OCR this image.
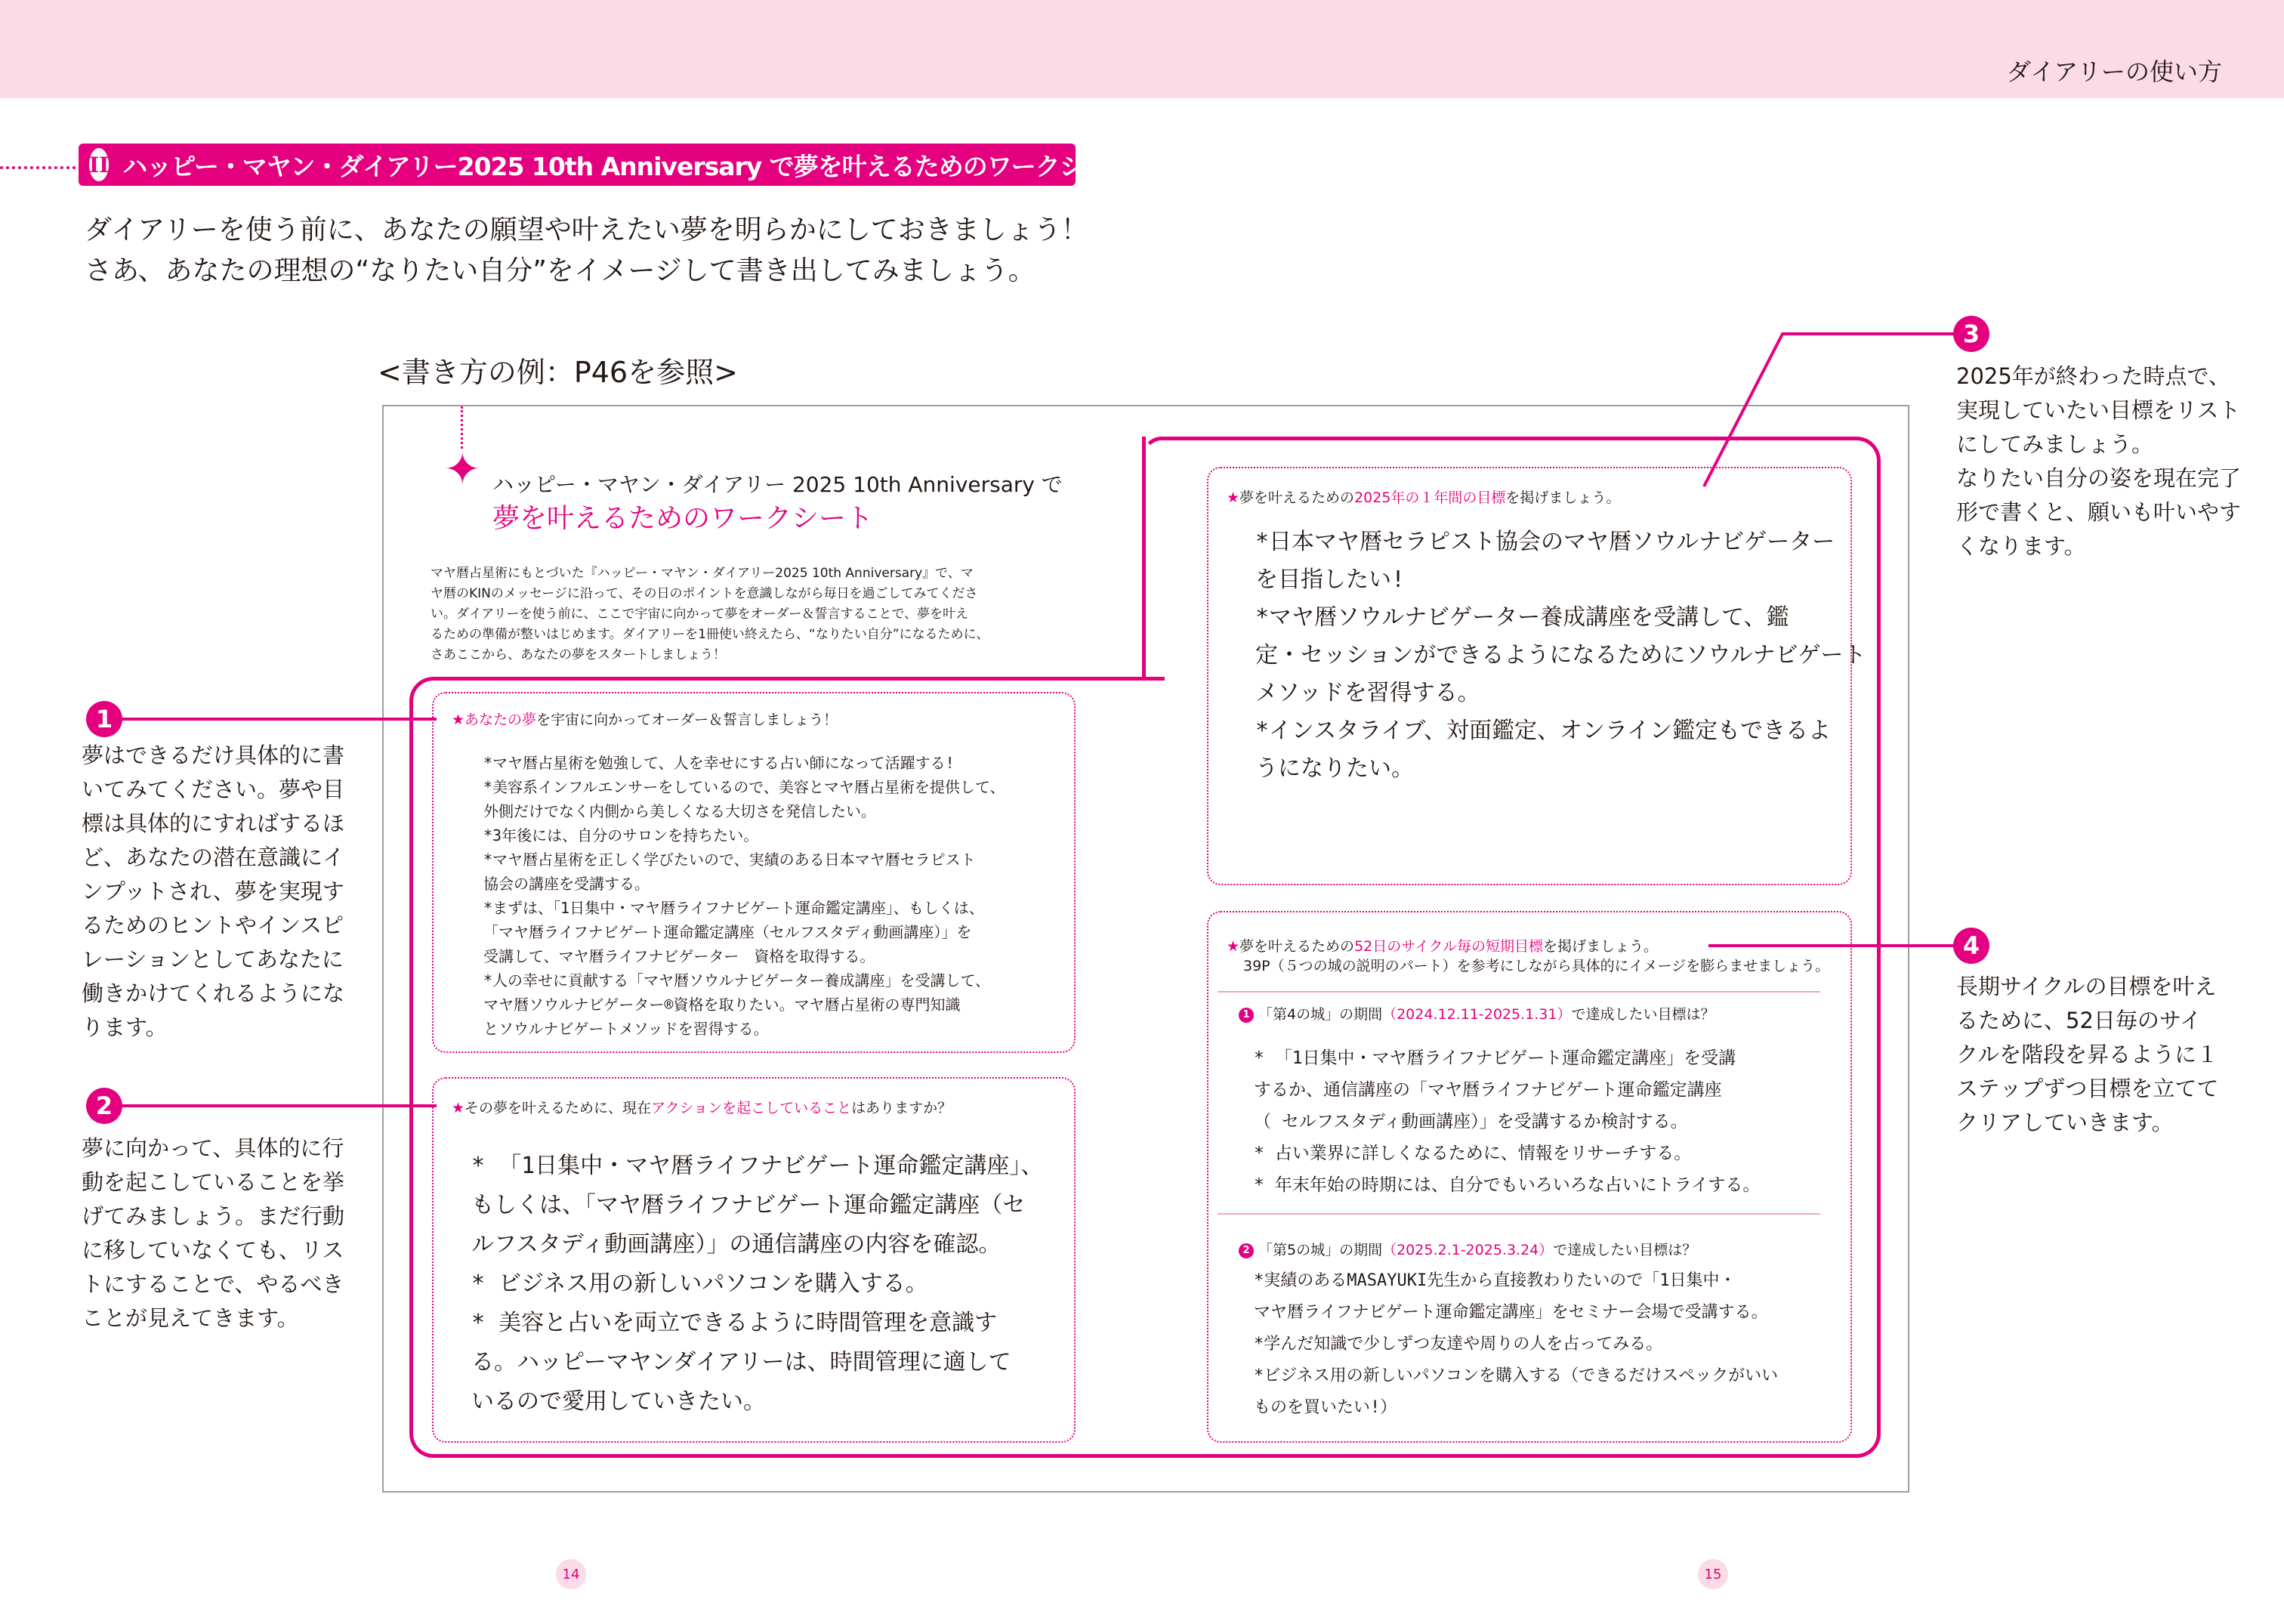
ダイアリーの使い方
II ハッピー・マヤン・ダイアリー2025 10th Anniversary で夢を叶えるためのワークシート
ダイアリーを使う前に、あなたの願望や叶えたい夢を明らかにしておきましょう！
さあ、あなたの理想の“なりたい自分”をイメージして書き出してみましょう。
<書き方の例：P46を参照>
✦ ハッピー・マヤン・ダイアリー 2025 10th Anniversary で
夢を叶えるためのワークシート
マヤ暦占星術にもとづいた『ハッピー・マヤン・ダイアリー2025 10th Anniversary』で、マ
ヤ暦のKINのメッセージに沿って、その日のポイントを意識しながら毎日を過ごしてみてくださ
い。ダイアリーを使う前に、ここで宇宙に向かって夢をオーダー＆誓言することで、夢を叶え
るための準備が整いはじめます。ダイアリーを1冊使い終えたら、“なりたい自分”になるために、
さあここから、あなたの夢をスタートしましょう！
★あなたの夢を宇宙に向かってオーダー＆誓言しましょう！
*マヤ暦占星術を勉強して、人を幸せにする占い師になって活躍する!
*美容系インフルエンサーをしているので、美容とマヤ暦占星術を提供して、
外側だけでなく内側から美しくなる大切さを発信したい。
*3年後には、自分のサロンを持ちたい。
*マヤ暦占星術を正しく学びたいので、実績のある日本マヤ暦セラピスト
協会の講座を受講する。
*まずは、「1日集中・マヤ暦ライフナビゲート運命鑑定講座」、もしくは、
「マヤ暦ライフナビゲート運命鑑定講座（セルフスタディ動画講座）」を
受講して、マヤ暦ライフナビゲーター　資格を取得する。
*人の幸せに貢献する「マヤ暦ソウルナビゲーター養成講座」を受講して、
マヤ暦ソウルナビゲーター®資格を取りたい。マヤ暦占星術の専門知識
とソウルナビゲートメソッドを習得する。
★その夢を叶えるために、現在アクションを起こしていることはありますか？
* 「1日集中・マヤ暦ライフナビゲート運命鑑定講座」、
もしくは、「マヤ暦ライフナビゲート運命鑑定講座（セ
ルフスタディ動画講座）」の通信講座の内容を確認。
* ビジネス用の新しいパソコンを購入する。
* 美容と占いを両立できるように時間管理を意識す
る。ハッピーマヤンダイアリーは、時間管理に適して
いるので愛用していきたい。
★夢を叶えるための2025年の１年間の目標を掲げましょう。
*日本マヤ暦セラピスト協会のマヤ暦ソウルナビゲーター
を目指したい!
*マヤ暦ソウルナビゲーター養成講座を受講して、鑑
定・セッションができるようになるためにソウルナビゲート
メソッドを習得する。
*インスタライブ、対面鑑定、オンライン鑑定もできるよ
うになりたい。
★夢を叶えるための52日のサイクル毎の短期目標を掲げましょう。
39P（５つの城の説明のパート）を参考にしながら具体的にイメージを膨らませましょう。
1 「第4の城」の期間（2024.12.11-2025.1.31）で達成したい目標は？
* 「1日集中・マヤ暦ライフナビゲート運命鑑定講座」を受講
するか、通信講座の「マヤ暦ライフナビゲート運命鑑定講座
（ セルフスタディ動画講座）」を受講するか検討する。
* 占い業界に詳しくなるために、情報をリサーチする。
* 年末年始の時期には、自分でもいろいろな占いにトライする。
2 「第5の城」の期間（2025.2.1-2025.3.24）で達成したい目標は？
*実績のあるMASAYUKI先生から直接教わりたいので「1日集中・
マヤ暦ライフナビゲート運命鑑定講座」をセミナー会場で受講する。
*学んだ知識で少しずつ友達や周りの人を占ってみる。
*ビジネス用の新しいパソコンを購入する（できるだけスペックがいい
ものを買いたい!）
1
夢はできるだけ具体的に書
いてみてください。夢や目
標は具体的にすればするほ
ど、あなたの潜在意識にイ
ンプットされ、夢を実現す
るためのヒントやインスピ
レーションとしてあなたに
働きかけてくれるようにな
ります。
2
夢に向かって、具体的に行
動を起こしていることを挙
げてみましょう。まだ行動
に移していなくても、リス
トにすることで、やるべき
ことが見えてきます。
3
2025年が終わった時点で、
実現していたい目標をリスト
にしてみましょう。
なりたい自分の姿を現在完了
形で書くと、願いも叶いやす
くなります。
4
長期サイクルの目標を叶え
るために、52日毎のサイ
クルを階段を昇るように１
ステップずつ目標を立てて
クリアしていきます。
14	15
